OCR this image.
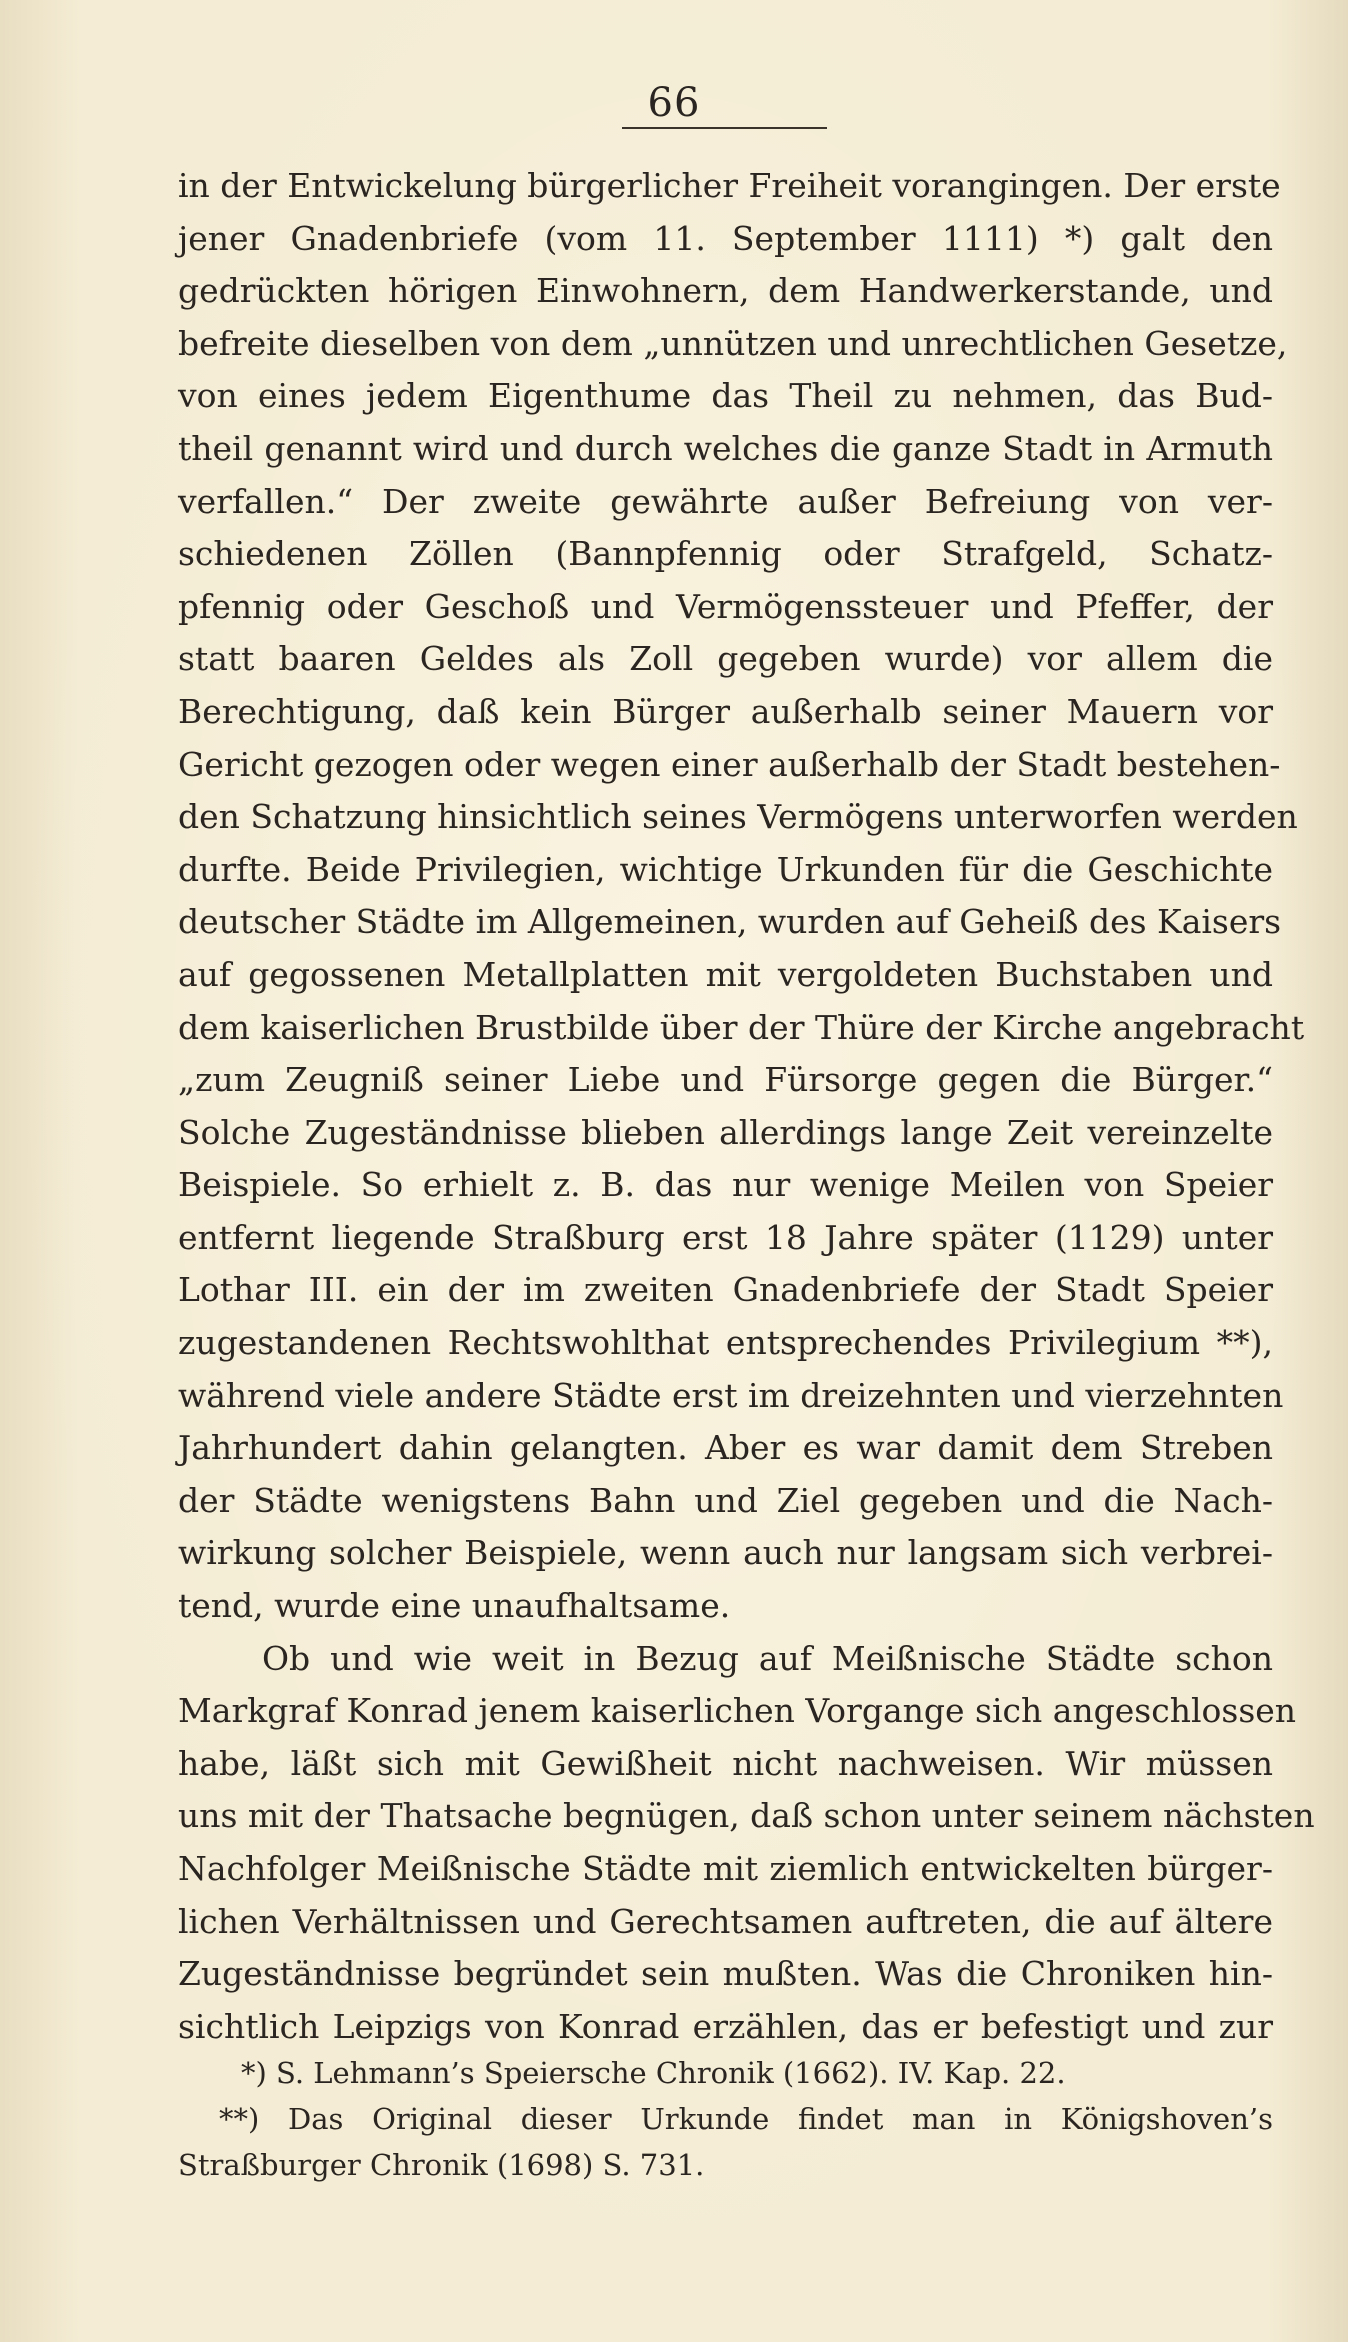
66
in der Entwickelung bürgerlicher Freiheit vorangingen. Der erste
jener Gnadenbriefe (vom 11. September 1111) *) galt den
gedrückten hörigen Einwohnern, dem Handwerkerstande, und
befreite dieselben von dem „unnützen und unrechtlichen Gesetze,
von eines jedem Eigenthume das Theil zu nehmen, das Bud-
theil genannt wird und durch welches die ganze Stadt in Armuth
verfallen.“ Der zweite gewährte außer Befreiung von ver-
schiedenen Zöllen (Bannpfennig oder Strafgeld, Schatz-
pfennig oder Geschoß und Vermögenssteuer und Pfeffer, der
statt baaren Geldes als Zoll gegeben wurde) vor allem die
Berechtigung, daß kein Bürger außerhalb seiner Mauern vor
Gericht gezogen oder wegen einer außerhalb der Stadt bestehen-
den Schatzung hinsichtlich seines Vermögens unterworfen werden
durfte. Beide Privilegien, wichtige Urkunden für die Geschichte
deutscher Städte im Allgemeinen, wurden auf Geheiß des Kaisers
auf gegossenen Metallplatten mit vergoldeten Buchstaben und
dem kaiserlichen Brustbilde über der Thüre der Kirche angebracht
„zum Zeugniß seiner Liebe und Fürsorge gegen die Bürger.“
Solche Zugeständnisse blieben allerdings lange Zeit vereinzelte
Beispiele. So erhielt z. B. das nur wenige Meilen von Speier
entfernt liegende Straßburg erst 18 Jahre später (1129) unter
Lothar III. ein der im zweiten Gnadenbriefe der Stadt Speier
zugestandenen Rechtswohlthat entsprechendes Privilegium **),
während viele andere Städte erst im dreizehnten und vierzehnten
Jahrhundert dahin gelangten. Aber es war damit dem Streben
der Städte wenigstens Bahn und Ziel gegeben und die Nach-
wirkung solcher Beispiele, wenn auch nur langsam sich verbrei-
tend, wurde eine unaufhaltsame.
Ob und wie weit in Bezug auf Meißnische Städte schon
Markgraf Konrad jenem kaiserlichen Vorgange sich angeschlossen
habe, läßt sich mit Gewißheit nicht nachweisen. Wir müssen
uns mit der Thatsache begnügen, daß schon unter seinem nächsten
Nachfolger Meißnische Städte mit ziemlich entwickelten bürger-
lichen Verhältnissen und Gerechtsamen auftreten, die auf ältere
Zugeständnisse begründet sein mußten. Was die Chroniken hin-
sichtlich Leipzigs von Konrad erzählen, das er befestigt und zur
*) S. Lehmann’s Speiersche Chronik (1662). IV. Kap. 22.
**) Das Original dieser Urkunde findet man in Königshoven’s
Straßburger Chronik (1698) S. 731.
